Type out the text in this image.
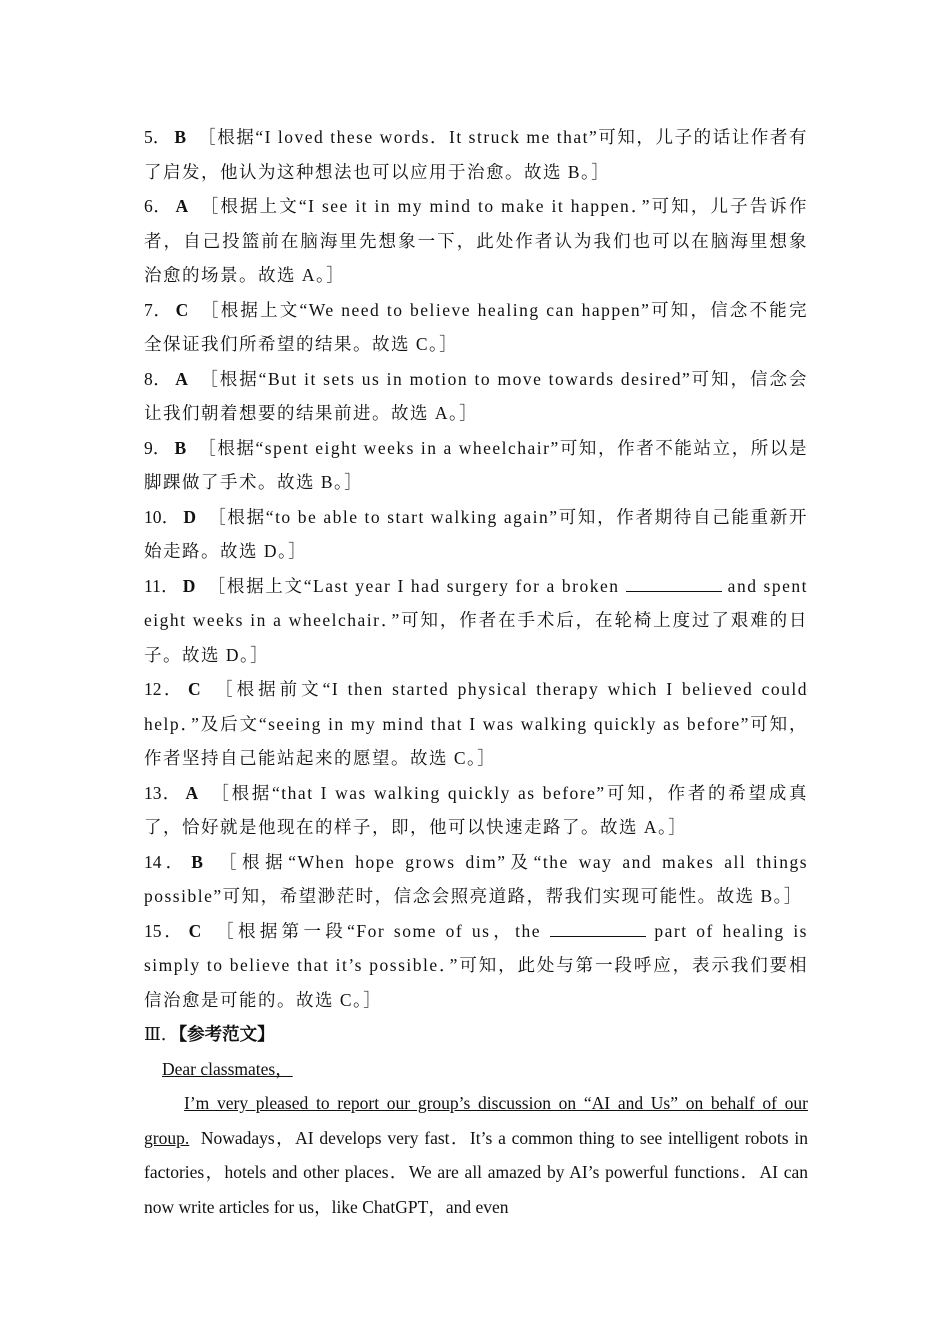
5． B ［根据“I loved these words．It struck me that”可知，儿子的话让作者有了启发，他认为这种想法也可以应用于治愈。故选 B。］

6． A ［根据上文“I see it in my mind to make it happen．”可知，儿子告诉作者，自己投篮前在脑海里先想象一下，此处作者认为我们也可以在脑海里想象治愈的场景。故选 A。］

7． C ［根据上文“We need to believe healing can happen”可知，信念不能完全保证我们所希望的结果。故选 C。］

8． A ［根据“But it sets us in motion to move towards desired”可知，信念会让我们朝着想要的结果前进。故选 A。］

9． B ［根据“spent eight weeks in a wheelchair”可知，作者不能站立，所以是脚踝做了手术。故选 B。］

10． D ［根据“to be able to start walking again”可知，作者期待自己能重新开始走路。故选 D。］

11． D ［根据上文“Last year I had surgery for a broken	and spent eight weeks in a wheelchair．”可知，作者在手术后，在轮椅上度过了艰难的日子。故选 D。］

12． C ［根据前文“I then started physical therapy which I believed could help．”及后文“seeing in my mind that I was walking quickly as before”可知，作者坚持自己能站起来的愿望。故选 C。］

13． A ［根据“that I was walking quickly as before”可知，作者的希望成真了，恰好就是他现在的样子，即，他可以快速走路了。故选 A。］

14． B ［根据“When hope grows dim”及“the way and makes all things possible”可知，希望渺茫时，信念会照亮道路，帮我们实现可能性。故选 B。］

15． C ［根据第一段“For some of us，the	part of healing is simply to believe that it’s possible．”可知，此处与第一段呼应，表示我们要相信治愈是可能的。故选 C。］

Ⅲ．【参考范文】

Dear classmates，

I’m very pleased to report our group’s discussion on “AI and Us” on behalf of our group. Nowadays，AI develops very fast．It’s a common thing to see intelligent robots in factories，hotels and other places．We are all amazed by AI’s powerful functions．AI can now write articles for us，like ChatGPT，and even
